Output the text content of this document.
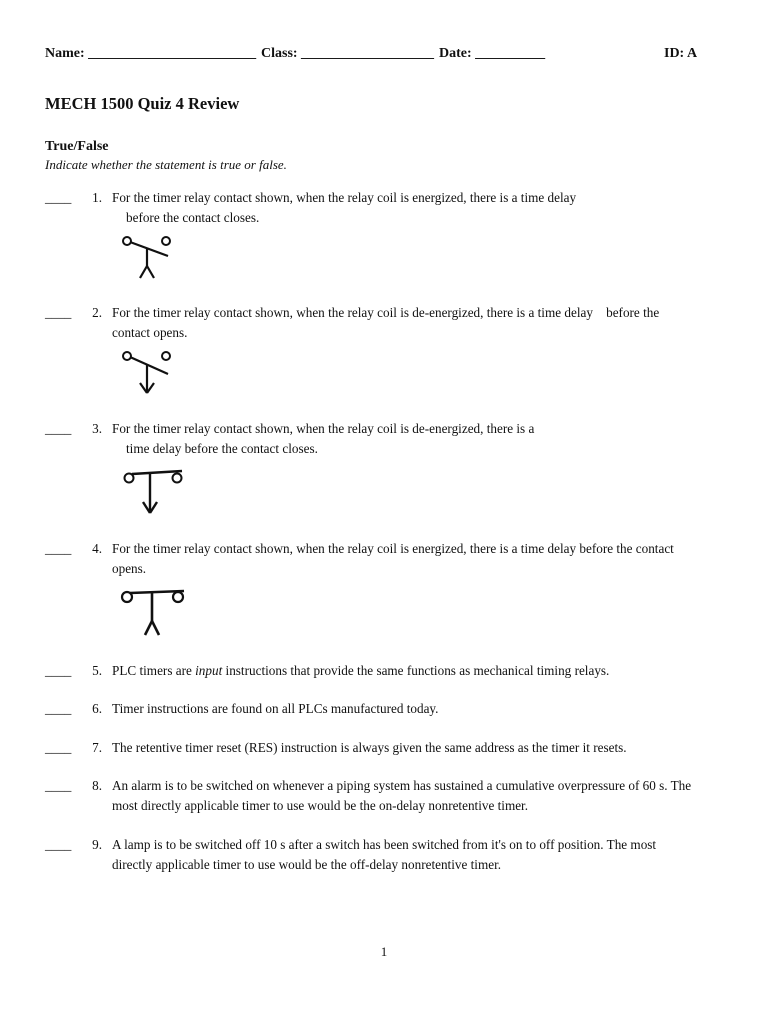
Name: ________________________ Class: ___________________ Date: __________	ID: A
MECH 1500 Quiz 4 Review
True/False
Indicate whether the statement is true or false.
____	1. For the timer relay contact shown, when the relay coil is energized, there is a time delay
before the contact closes.
____	2. For the timer relay contact shown, when the relay coil is de-energized, there is a time delay    before the
contact opens.
____	3. For the timer relay contact shown, when the relay coil is de-energized, there is a
time delay before the contact closes.
____	4. For the timer relay contact shown, when the relay coil is energized, there is a time delay before the contact
opens.
____	5. PLC timers are input instructions that provide the same functions as mechanical timing relays.
____	6. Timer instructions are found on all PLCs manufactured today.
____	7. The retentive timer reset (RES) instruction is always given the same address as the timer it resets.
____	8. An alarm is to be switched on whenever a piping system has sustained a cumulative overpressure of 60 s. The
most directly applicable timer to use would be the on-delay nonretentive timer.
____	9. A lamp is to be switched off 10 s after a switch has been switched from it's on to off position. The most
directly applicable timer to use would be the off-delay nonretentive timer.
1
